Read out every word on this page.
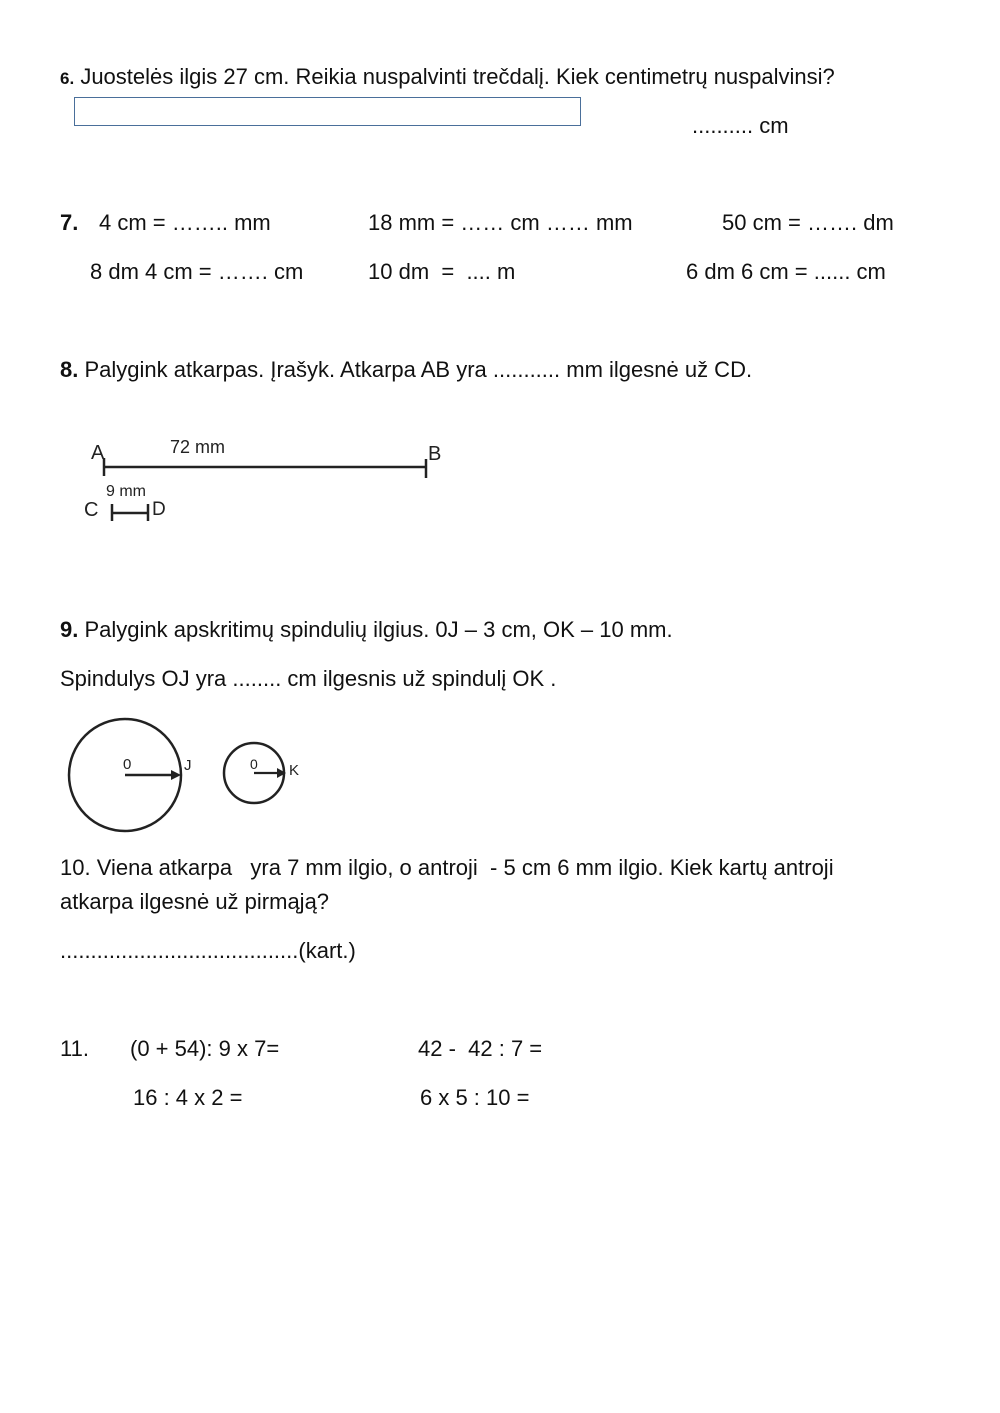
6. Juostelės ilgis 27 cm. Reikia nuspalvinti trečdalį. Kiek centimetrų nuspalvinsi?
.......... cm
7. 4 cm = …….. mm	18 mm = …… cm …… mm	50 cm = ……. dm
8 dm 4 cm = ……. cm	10 dm  =  .... m	6 dm 6 cm = ...... cm
8. Palygink atkarpas. Įrašyk. Atkarpa AB yra ........... mm ilgesnė už CD.
A	B
72 mm
C	D
9 mm
0	J	0 K
9. Palygink apskritimų spindulių ilgius. 0J – 3 cm, OK – 10 mm.
Spindulys OJ yra ........ cm ilgesnis už spindulį OK .
10. Viena atkarpa   yra 7 mm ilgio, o antroji  - 5 cm 6 mm ilgio. Kiek kartų antroji
atkarpa ilgesnė už pirmąją?
.......................................(kart.)
11. (0 + 54): 9 x 7=	42 -  42 : 7 =
16 : 4 x 2 =	6 x 5 : 10 =
